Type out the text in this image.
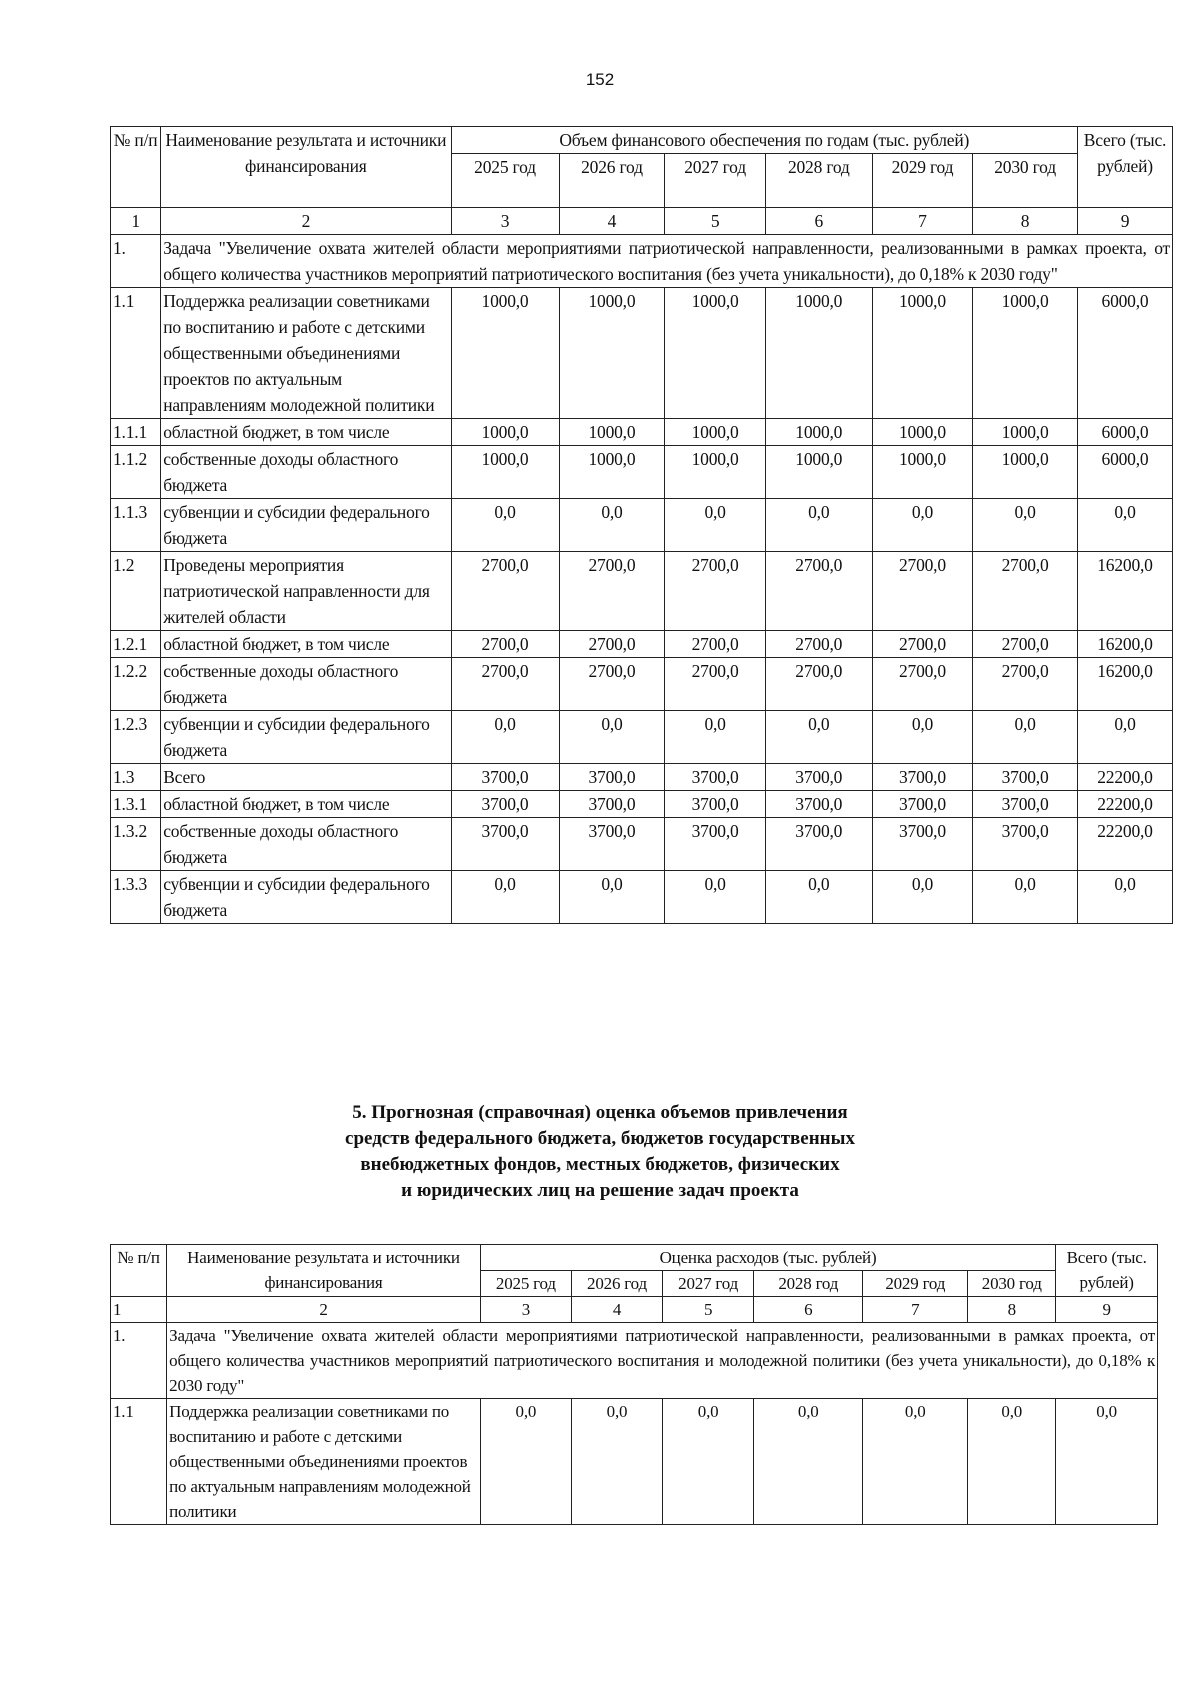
152
№ п/п	Наименование результата и источники финансирования	Объем финансового обеспечения по годам (тыс. рублей)						Всего (тыс. рублей)
		2025 год	2026 год	2027 год	2028 год	2029 год	2030 год	
1	2	3	4	5	6	7	8	9
1.	Задача "Увеличение охвата жителей области мероприятиями патриотической направленности, реализованными в рамках проекта, от общего количества участников мероприятий патриотического воспитания (без учета уникальности), до 0,18% к 2030 году"							
1.1	Поддержка реализации советниками по воспитанию и работе с детскими общественными объединениями проектов по актуальным направлениям молодежной политики	1000,0	1000,0	1000,0	1000,0	1000,0	1000,0	6000,0
1.1.1	областной бюджет, в том числе	1000,0	1000,0	1000,0	1000,0	1000,0	1000,0	6000,0
1.1.2	собственные доходы областного бюджета	1000,0	1000,0	1000,0	1000,0	1000,0	1000,0	6000,0
1.1.3	субвенции и субсидии федерального бюджета	0,0	0,0	0,0	0,0	0,0	0,0	0,0
1.2	Проведены мероприятия патриотической направленности для жителей области	2700,0	2700,0	2700,0	2700,0	2700,0	2700,0	16200,0
1.2.1	областной бюджет, в том числе	2700,0	2700,0	2700,0	2700,0	2700,0	2700,0	16200,0
1.2.2	собственные доходы областного бюджета	2700,0	2700,0	2700,0	2700,0	2700,0	2700,0	16200,0
1.2.3	субвенции и субсидии федерального бюджета	0,0	0,0	0,0	0,0	0,0	0,0	0,0
1.3	Всего	3700,0	3700,0	3700,0	3700,0	3700,0	3700,0	22200,0
1.3.1	областной бюджет, в том числе	3700,0	3700,0	3700,0	3700,0	3700,0	3700,0	22200,0
1.3.2	собственные доходы областного бюджета	3700,0	3700,0	3700,0	3700,0	3700,0	3700,0	22200,0
1.3.3	субвенции и субсидии федерального бюджета	0,0	0,0	0,0	0,0	0,0	0,0	0,0
5. Прогнозная (справочная) оценка объемов привлечения
средств федерального бюджета, бюджетов государственных
внебюджетных фондов, местных бюджетов, физических
и юридических лиц на решение задач проекта
№ п/п	Наименование результата и источники финансирования	Оценка расходов (тыс. рублей)						Всего (тыс. рублей)
		2025 год	2026 год	2027 год	2028 год	2029 год	2030 год	
1	2	3	4	5	6	7	8	9
1.	Задача "Увеличение охвата жителей области мероприятиями патриотической направленности, реализованными в рамках проекта, от общего количества участников мероприятий патриотического воспитания и молодежной политики (без учета уникальности), до 0,18% к 2030 году"							
1.1	Поддержка реализации советниками по воспитанию и работе с детскими общественными объединениями проектов по актуальным направлениям молодежной политики	0,0	0,0	0,0	0,0	0,0	0,0	0,0
